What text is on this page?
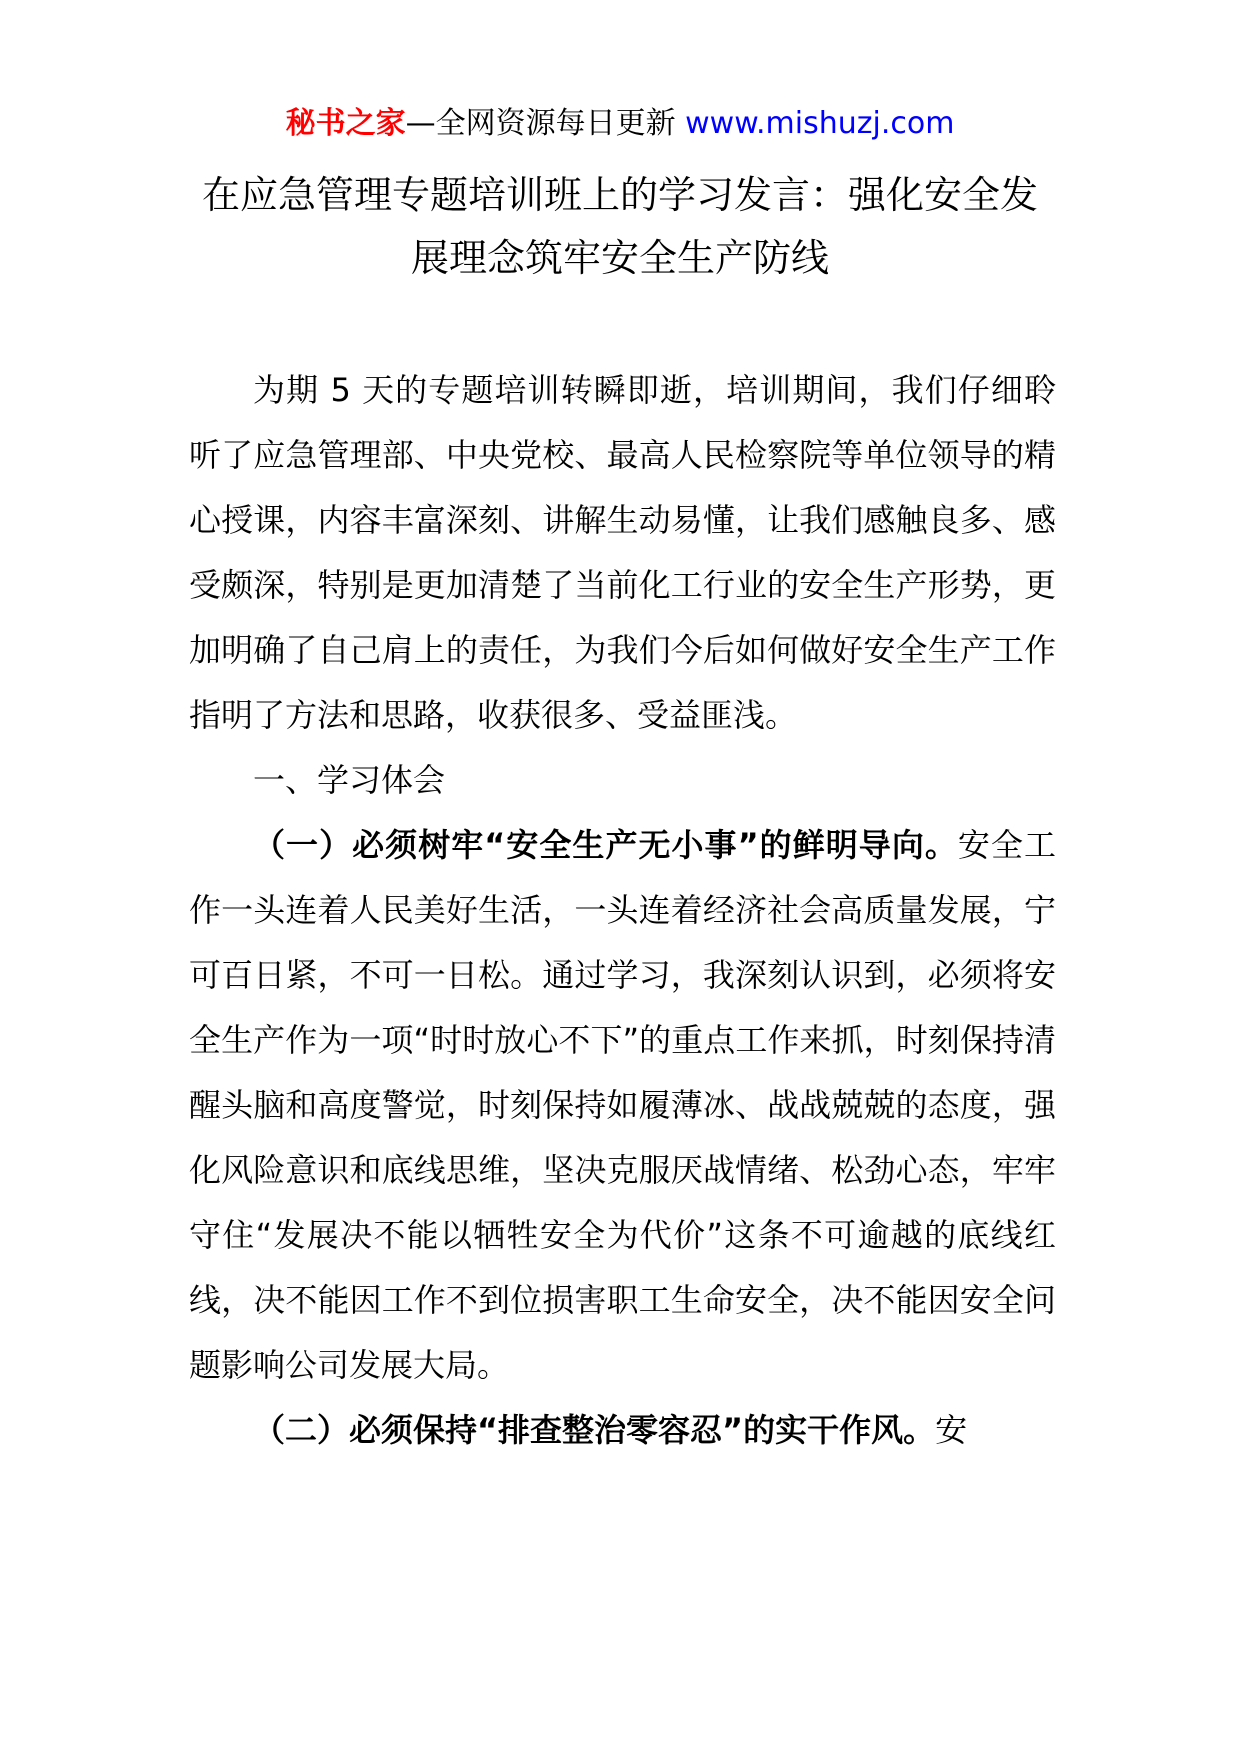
秘书之家—全网资源每日更新 www.mishuzj.com
在应急管理专题培训班上的学习发言：强化安全发展理念筑牢安全生产防线

为期 5 天的专题培训转瞬即逝，培训期间，我们仔细聆听了应急管理部、中央党校、最高人民检察院等单位领导的精心授课，内容丰富深刻、讲解生动易懂，让我们感触良多、感受颇深，特别是更加清楚了当前化工行业的安全生产形势，更加明确了自己肩上的责任，为我们今后如何做好安全生产工作指明了方法和思路，收获很多、受益匪浅。

一、学习体会

（一）必须树牢“安全生产无小事”的鲜明导向。安全工作一头连着人民美好生活，一头连着经济社会高质量发展，宁可百日紧，不可一日松。通过学习，我深刻认识到，必须将安全生产作为一项“时时放心不下”的重点工作来抓，时刻保持清醒头脑和高度警觉，时刻保持如履薄冰、战战兢兢的态度，强化风险意识和底线思维，坚决克服厌战情绪、松劲心态，牢牢守住“发展决不能以牺牲安全为代价”这条不可逾越的底线红线，决不能因工作不到位损害职工生命安全，决不能因安全问题影响公司发展大局。

（二）必须保持“排查整治零容忍”的实干作风。安
